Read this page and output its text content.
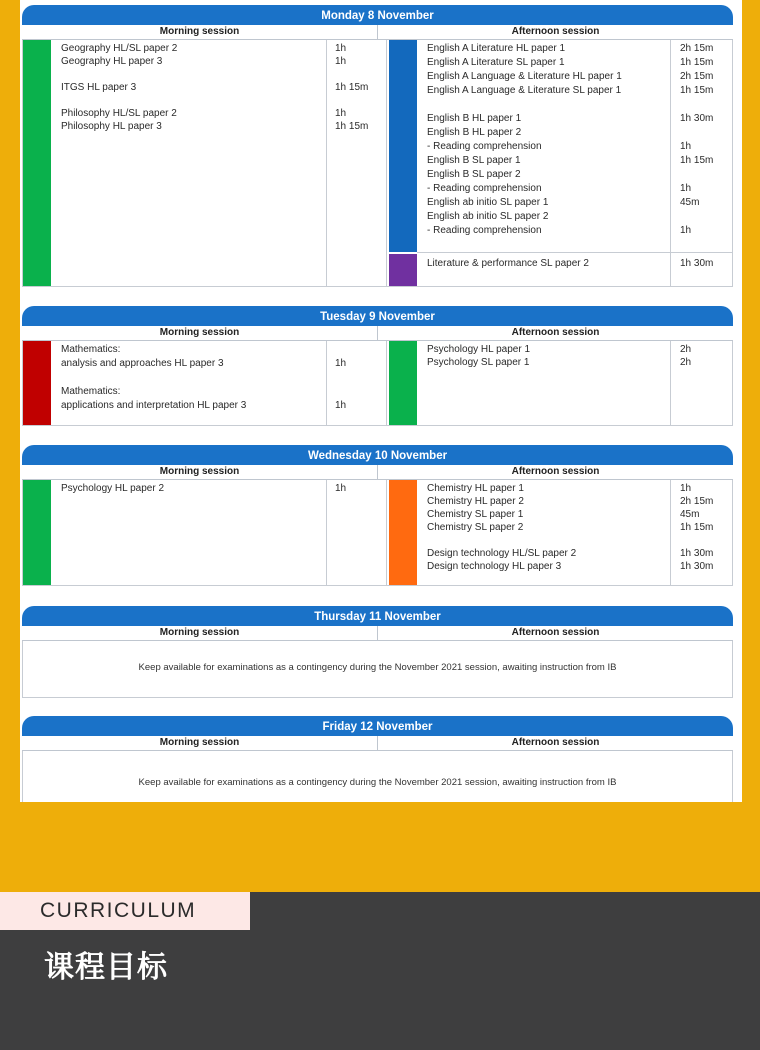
Monday 8 November
Morning session	Afternoon session
Geography HL/SL paper 2	1h
Geography HL paper 3	1h
ITGS HL paper 3	1h 15m
Philosophy HL/SL paper 2	1h
Philosophy HL paper 3	1h 15m
English A Literature HL paper 1	2h 15m
English A Literature SL paper 1	1h 15m
English A Language & Literature HL paper 1	2h 15m
English A Language & Literature SL paper 1	1h 15m
English B HL paper 1	1h 30m
English B HL paper 2
- Reading comprehension	1h
English B SL paper 1	1h 15m
English B SL paper 2
- Reading comprehension	1h
English ab initio SL paper 1	45m
English ab initio SL paper 2
- Reading comprehension	1h
Literature & performance SL paper 2	1h 30m
Tuesday 9 November
Morning session	Afternoon session
Mathematics:
analysis and approaches HL paper 3	1h
Mathematics:
applications and interpretation HL paper 3	1h
Psychology HL paper 1	2h
Psychology SL paper 1	2h
Wednesday 10 November
Morning session	Afternoon session
Psychology HL paper 2	1h	Chemistry HL paper 1	1h
Chemistry HL paper 2	2h 15m
Chemistry SL paper 1	45m
Chemistry SL paper 2	1h 15m
Design technology HL/SL paper 2	1h 30m
Design technology HL paper 3	1h 30m
Thursday 11 November
Morning session	Afternoon session
Keep available for examinations as a contingency during the November 2021 session, awaiting instruction from IB
Friday 12 November
Morning session	Afternoon session
Keep available for examinations as a contingency during the November 2021 session, awaiting instruction from IB
CURRICULUM
课程目标
